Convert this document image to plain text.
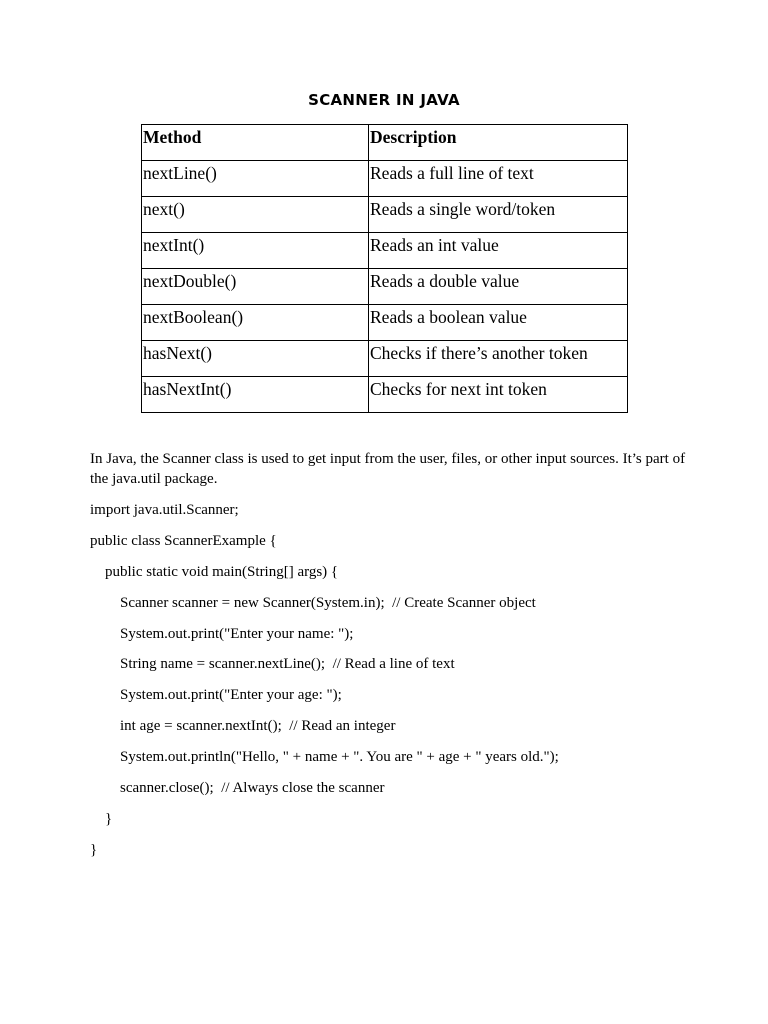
SCANNER IN JAVA
Method	Description
nextLine()	Reads a full line of text
next()	Reads a single word/token
nextInt()	Reads an int value
nextDouble()	Reads a double value
nextBoolean()	Reads a boolean value
hasNext()	Checks if there’s another token
hasNextInt()	Checks for next int token

In Java, the Scanner class is used to get input from the user, files, or other input sources. It’s part of the java.util package.

import java.util.Scanner;
public class ScannerExample {
public static void main(String[] args) {
Scanner scanner = new Scanner(System.in);  // Create Scanner object
System.out.print("Enter your name: ");
String name = scanner.nextLine();  // Read a line of text
System.out.print("Enter your age: ");
int age = scanner.nextInt();  // Read an integer
System.out.println("Hello, " + name + ". You are " + age + " years old.");
scanner.close();  // Always close the scanner
}
}
